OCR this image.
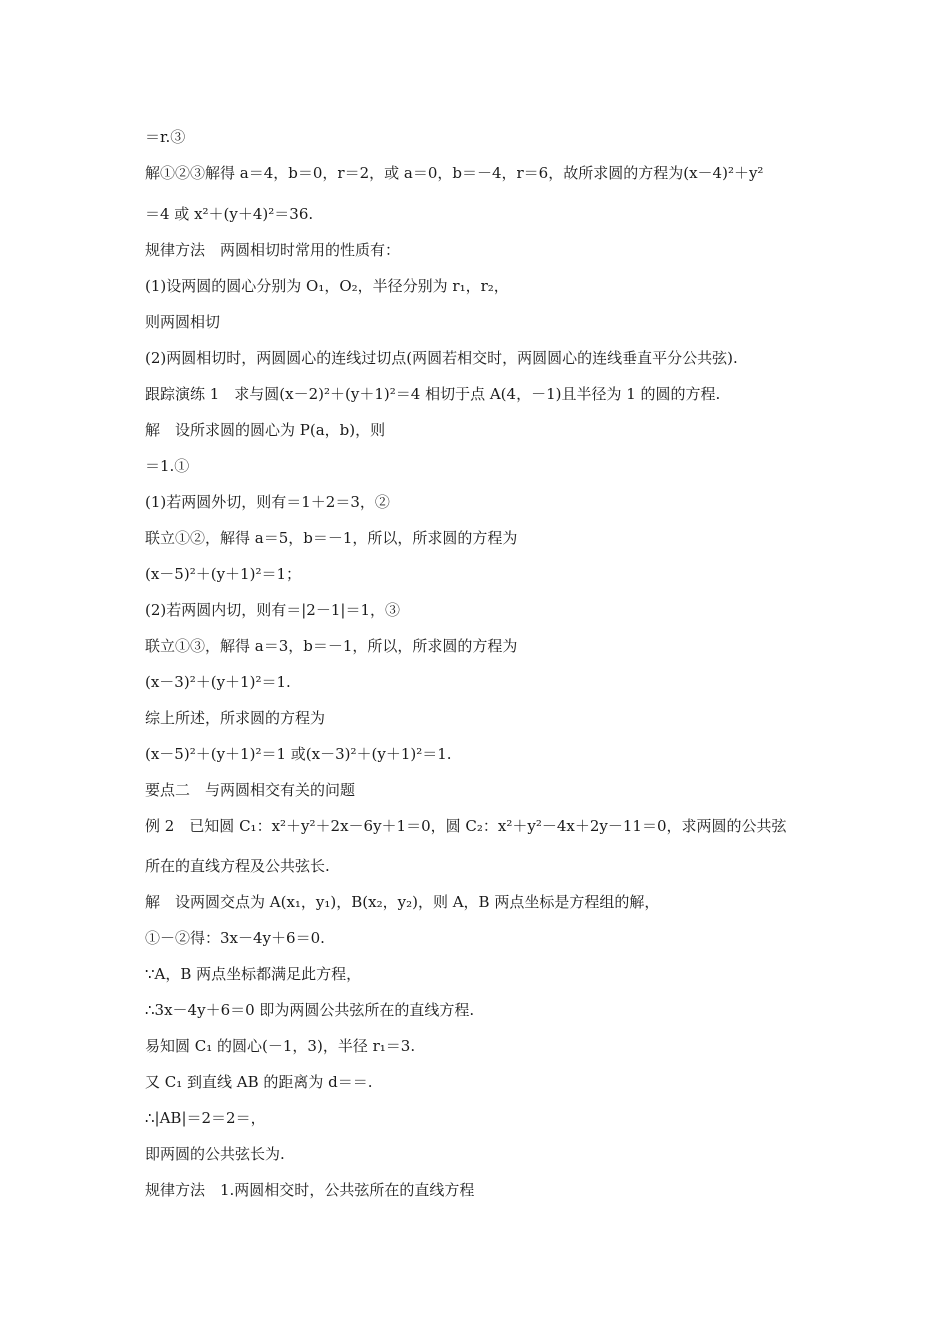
＝r.③
解①②③解得 a＝4，b＝0，r＝2，或 a＝0，b＝－4，r＝6，故所求圆的方程为(x－4)²＋y²
＝4 或 x²＋(y＋4)²＝36.
规律方法　两圆相切时常用的性质有：
(1)设两圆的圆心分别为 O₁，O₂，半径分别为 r₁，r₂，
则两圆相切
(2)两圆相切时，两圆圆心的连线过切点(两圆若相交时，两圆圆心的连线垂直平分公共弦).
跟踪演练 1　求与圆(x－2)²＋(y＋1)²＝4 相切于点 A(4，－1)且半径为 1 的圆的方程.
解　设所求圆的圆心为 P(a，b)，则
＝1.①
(1)若两圆外切，则有＝1＋2＝3，②
联立①②，解得 a＝5，b＝－1，所以，所求圆的方程为
(x－5)²＋(y＋1)²＝1；
(2)若两圆内切，则有＝|2－1|＝1，③
联立①③，解得 a＝3，b＝－1，所以，所求圆的方程为
(x－3)²＋(y＋1)²＝1.
综上所述，所求圆的方程为
(x－5)²＋(y＋1)²＝1 或(x－3)²＋(y＋1)²＝1.
要点二　与两圆相交有关的问题
例 2　已知圆 C₁：x²＋y²＋2x－6y＋1＝0，圆 C₂：x²＋y²－4x＋2y－11＝0，求两圆的公共弦
所在的直线方程及公共弦长.
解　设两圆交点为 A(x₁，y₁)，B(x₂，y₂)，则 A，B 两点坐标是方程组的解，
①－②得：3x－4y＋6＝0.
∵A，B 两点坐标都满足此方程，
∴3x－4y＋6＝0 即为两圆公共弦所在的直线方程.
易知圆 C₁ 的圆心(－1，3)，半径 r₁＝3.
又 C₁ 到直线 AB 的距离为 d＝＝.
∴|AB|＝2＝2＝，
即两圆的公共弦长为.
规律方法　1.两圆相交时，公共弦所在的直线方程
